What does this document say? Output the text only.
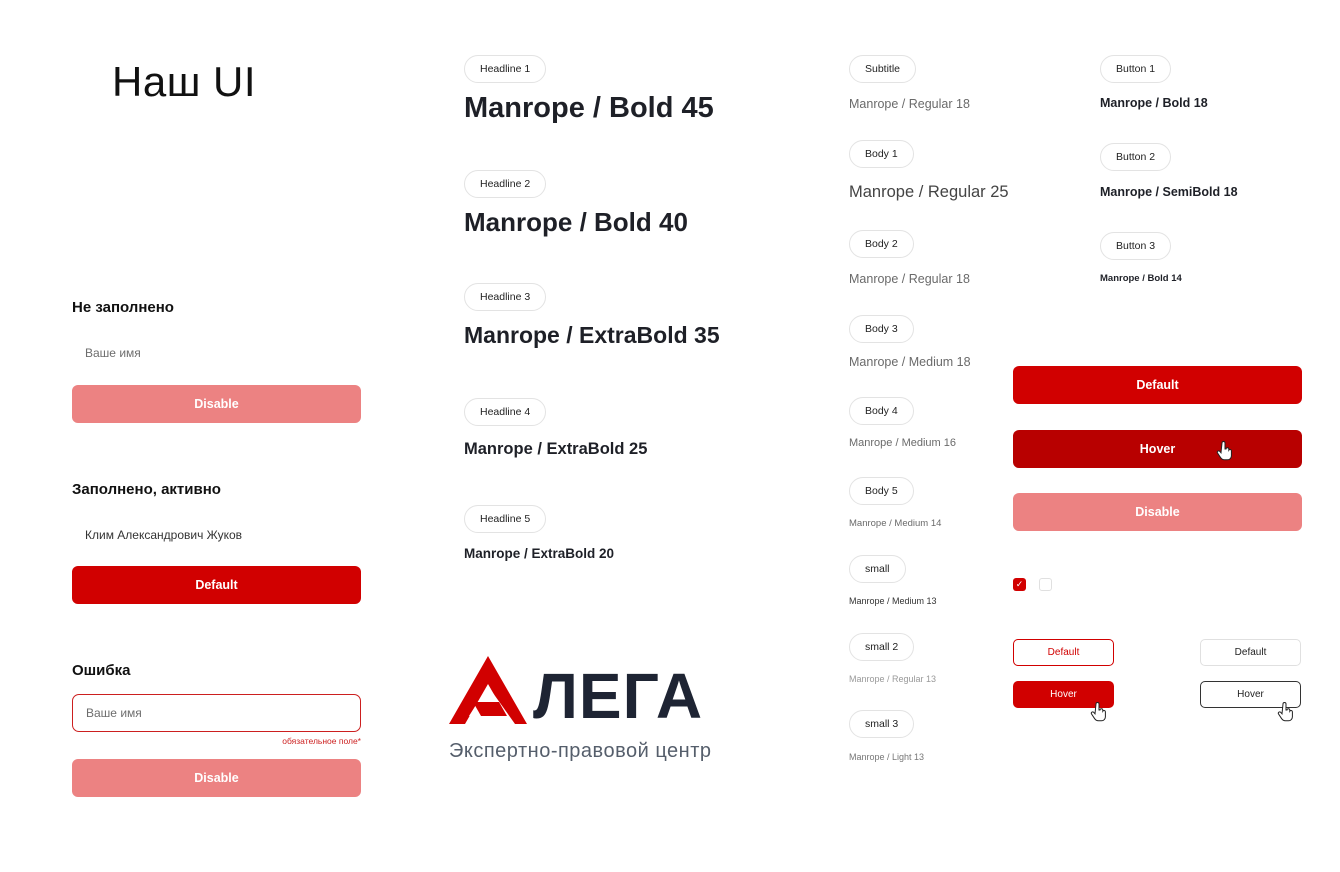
Наш UI
Не заполнено
Ваше имя
Disable
Заполнено, активно
Клим Александрович Жуков
Default
Ошибка
Ваше имя
обязательное поле*
Disable
Headline 1
Manrope / Bold 45
Headline 2
Manrope / Bold 40
Headline 3
Manrope / ExtraBold 35
Headline 4
Manrope / ExtraBold 25
Headline 5
Manrope / ExtraBold 20
ЛЕГА
Экспертно-правовой центр
Subtitle
Manrope / Regular 18
Body 1
Manrope / Regular 25
Body 2
Manrope / Regular 18
Body 3
Manrope / Medium 18
Body 4
Manrope / Medium 16
Body 5
Manrope / Medium 14
small
Manrope / Medium 13
small 2
Manrope / Regular 13
small 3
Manrope / Light 13
Button 1
Manrope / Bold 18
Button 2
Manrope / SemiBold 18
Button 3
Manrope / Bold 14
Default
Hover
Disable
✓
Default
Hover
Default
Hover
